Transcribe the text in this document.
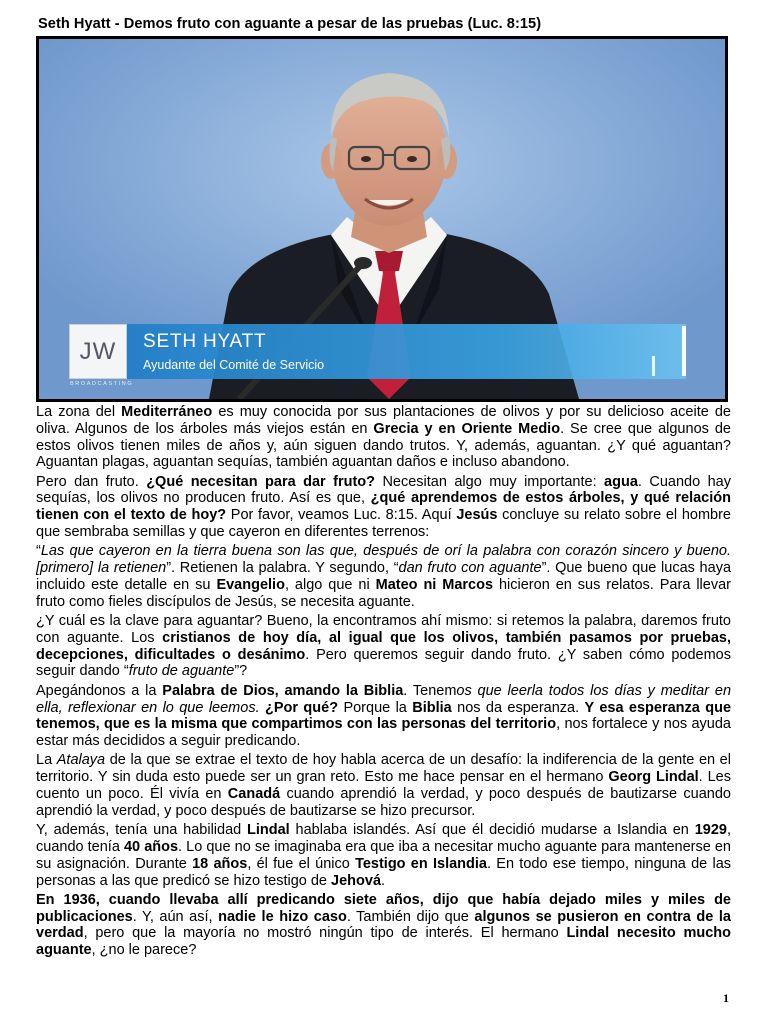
Seth Hyatt - Demos fruto con aguante a pesar de las pruebas (Luc. 8:15)
JW
BROADCASTING
SETH HYATT
Ayudante del Comité de Servicio

La zona del Mediterráneo es muy conocida por sus plantaciones de olivos y por su delicioso aceite de oliva. Algunos de los árboles más viejos están en Grecia y en Oriente Medio. Se cree que algunos de estos olivos tienen miles de años y, aún siguen dando trutos. Y, además, aguantan. ¿Y qué aguantan? Aguantan plagas, aguantan sequías, también aguantan daños e incluso abandono.

Pero dan fruto. ¿Qué necesitan para dar fruto? Necesitan algo muy importante: agua. Cuando hay sequías, los olivos no producen fruto. Así es que, ¿qué aprendemos de estos árboles, y qué relación tienen con el texto de hoy? Por favor, veamos Luc. 8:15. Aquí Jesús concluye su relato sobre el hombre que sembraba semillas y que cayeron en diferentes terrenos:

“Las que cayeron en la tierra buena son las que, después de orí la palabra con corazón sincero y bueno. [primero] la retienen”. Retienen la palabra. Y segundo, “dan fruto con aguante”. Que bueno que lucas haya incluido este detalle en su Evangelio, algo que ni Mateo ni Marcos hicieron en sus relatos. Para llevar fruto como fieles discípulos de Jesús, se necesita aguante.

¿Y cuál es la clave para aguantar? Bueno, la encontramos ahí mismo: si retemos la palabra, daremos fruto con aguante. Los cristianos de hoy día, al igual que los olivos, también pasamos por pruebas, decepciones, dificultades o desánimo. Pero queremos seguir dando fruto. ¿Y saben cómo podemos seguir dando “fruto de aguante”?

Apegándonos a la Palabra de Dios, amando la Biblia. Tenemos que leerla todos los días y meditar en ella, reflexionar en lo que leemos. ¿Por qué? Porque la Biblia nos da esperanza. Y esa esperanza que tenemos, que es la misma que compartimos con las personas del territorio, nos fortalece y nos ayuda estar más decididos a seguir predicando.

La Atalaya de la que se extrae el texto de hoy habla acerca de un desafío: la indiferencia de la gente en el territorio. Y sin duda esto puede ser un gran reto. Esto me hace pensar en el hermano Georg Lindal. Les cuento un poco. Él vivía en Canadá cuando aprendió la verdad, y poco después de bautizarse cuando aprendió la verdad, y poco después de bautizarse se hizo precursor.

Y, además, tenía una habilidad Lindal hablaba islandés. Así que él decidió mudarse a Islandia en 1929, cuando tenía 40 años. Lo que no se imaginaba era que iba a necesitar mucho aguante para mantenerse en su asignación. Durante 18 años, él fue el único Testigo en Islandia. En todo ese tiempo, ninguna de las personas a las que predicó se hizo testigo de Jehová.

En 1936, cuando llevaba allí predicando siete años, dijo que había dejado miles y miles de publicaciones. Y, aún así, nadie le hizo caso. También dijo que algunos se pusieron en contra de la verdad, pero que la mayoría no mostró ningún tipo de interés. El hermano Lindal necesito mucho aguante, ¿no le parece?

1
